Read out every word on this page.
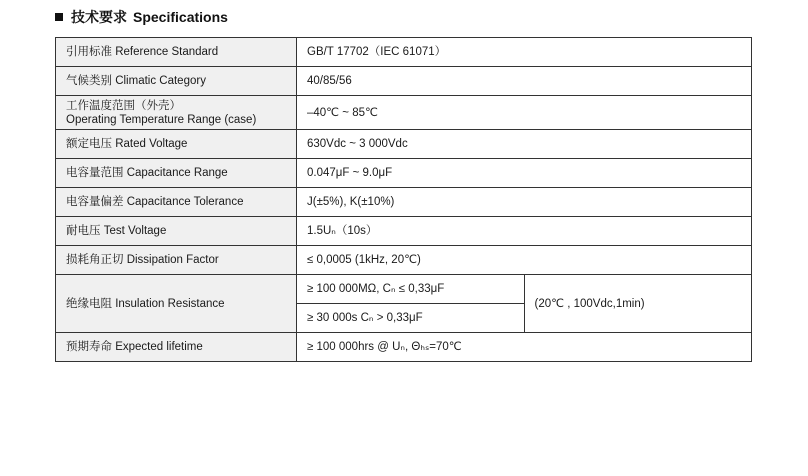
技术要求 Specifications
引用标准 Reference Standard	GB/T 17702（IEC 61071）	
气候类别 Climatic Category	40/85/56	

工作温度范围（外壳）
Operating Temperature Range (case)	–40℃ ~ 85℃	
额定电压 Rated Voltage	630Vdc ~ 3 000Vdc	
电容量范围 Capacitance Range	0.047μF ~ 9.0μF	
电容量偏差 Capacitance Tolerance	J(±5%), K(±10%)	
耐电压 Test Voltage	1.5Uₙ（10s）	
损耗角正切 Dissipation Factor	≤ 0,0005 (1kHz, 20℃)	
绝缘电阻 Insulation Resistance	≥ 100 000MΩ, Cₙ ≤ 0,33μF	(20℃ , 100Vdc,1min)
	≥ 30 000s Cₙ > 0,33μF	
预期寿命 Expected lifetime	≥ 100 000hrs @ Uₙ, Θₕₛ=70℃	
